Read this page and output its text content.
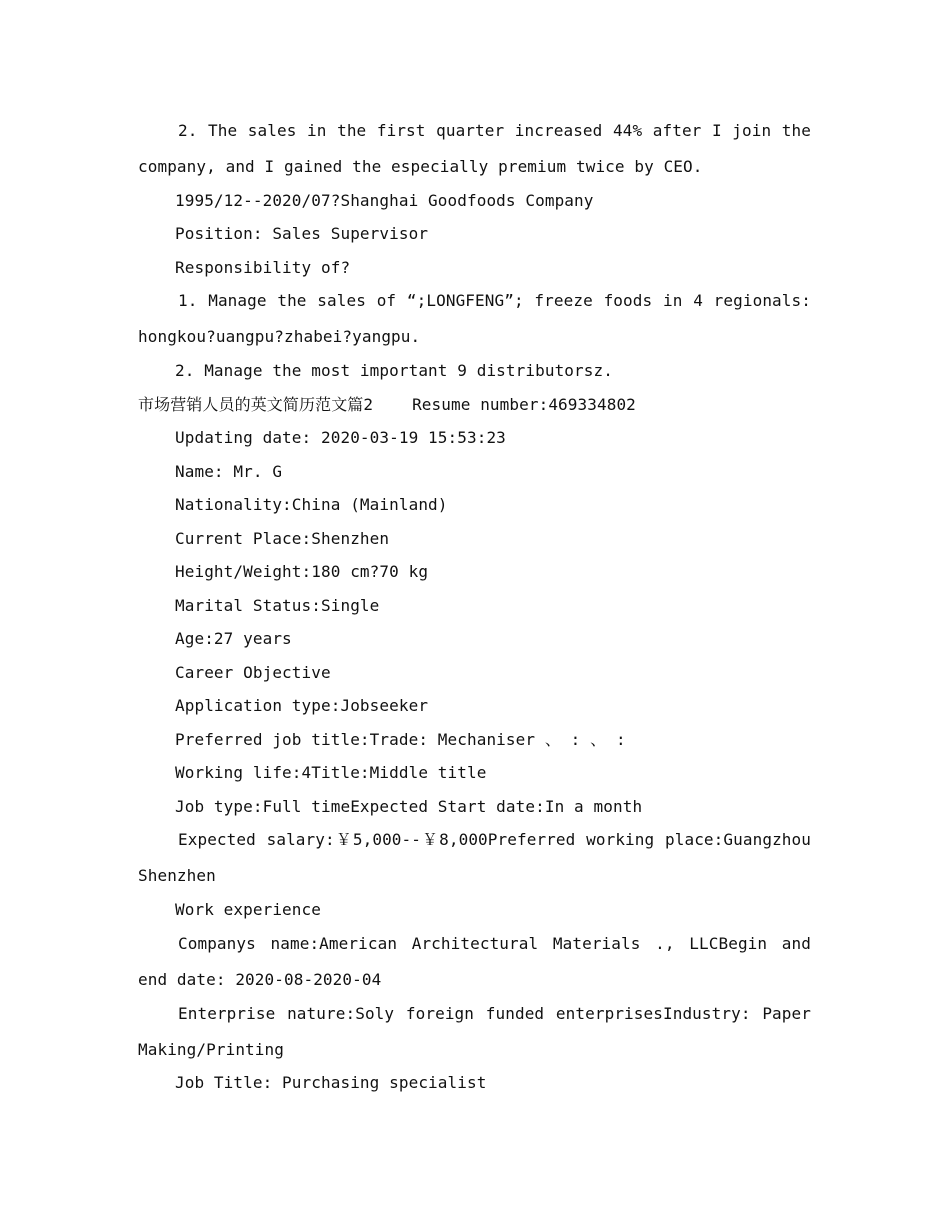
2. The sales in the first quarter increased 44% after I join the company, and I gained the especially premium twice by CEO.
1995/12--2020/07?Shanghai Goodfoods Company
Position: Sales Supervisor
Responsibility of?
1. Manage the sales of “;LONGFENG”; freeze foods in 4 regionals: hongkou?uangpu?zhabei?yangpu.
2. Manage the most important 9 distributorsz.
市场营销人员的英文简历范文篇2    Resume number:469334802
Updating date: 2020-03-19 15:53:23
Name: Mr. G
Nationality:China (Mainland)
Current Place:Shenzhen
Height/Weight:180 cm?70 kg
Marital Status:Single
Age:27 years
Career Objective
Application type:Jobseeker
Preferred job title:Trade: Mechaniser 、 : 、 :
Working life:4Title:Middle title
Job type:Full timeExpected Start date:In a month
Expected salary:￥5,000--￥8,000Preferred working place:Guangzhou Shenzhen
Work experience
Companys name:American Architectural Materials ., LLCBegin and end date: 2020-08-2020-04
Enterprise nature:Soly foreign funded enterprisesIndustry: Paper Making/Printing
Job Title: Purchasing specialist
